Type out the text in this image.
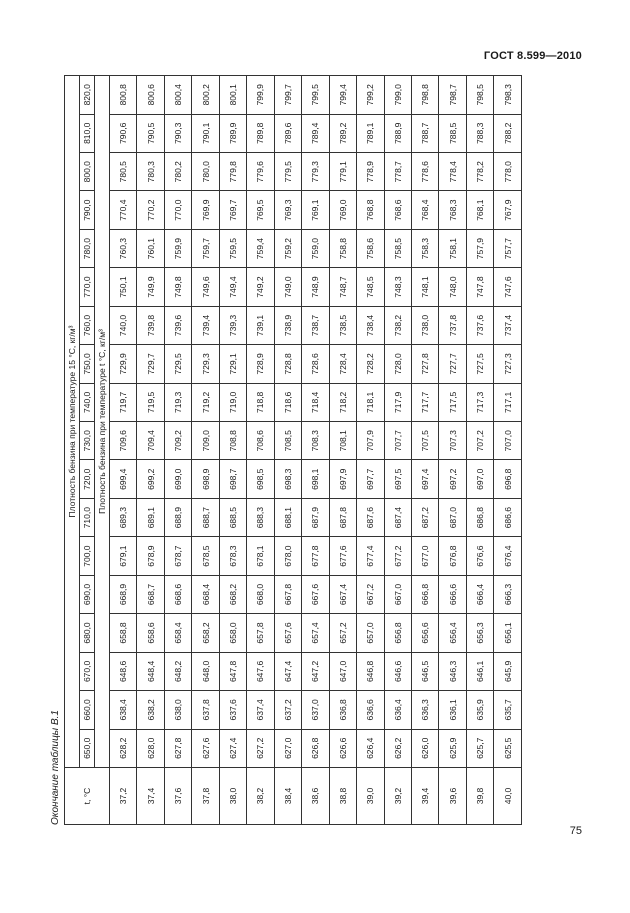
ГОСТ 8.599—2010
Окончание таблицы В.1 t, °C	Плотность бензина при температуре 15 °С, кг/м³																	
	650,0	660,0	670,0	680,0	690,0	700,0	710,0	720,0	730,0	740,0	750,0	760,0	770,0	780,0	790,0	800,0	810,0	820,0
	Плотность бензина при температуре t °С, кг/м³																	
37,2	628,2	638,4	648,6	658,8	668,9	679,1	689,3	699,4	709,6	719,7	729,9	740,0	750,1	760,3	770,4	780,5	790,6	800,8
37,4	628,0	638,2	648,4	658,6	668,7	678,9	689,1	699,2	709,4	719,5	729,7	739,8	749,9	760,1	770,2	780,3	790,5	800,6
37,6	627,8	638,0	648,2	658,4	668,6	678,7	688,9	699,0	709,2	719,3	729,5	739,6	749,8	759,9	770,0	780,2	790,3	800,4
37,8	627,6	637,8	648,0	658,2	668,4	678,5	688,7	698,9	709,0	719,2	729,3	739,4	749,6	759,7	769,9	780,0	790,1	800,2
38,0	627,4	637,6	647,8	658,0	668,2	678,3	688,5	698,7	708,8	719,0	729,1	739,3	749,4	759,5	769,7	779,8	789,9	800,1
38,2	627,2	637,4	647,6	657,8	668,0	678,1	688,3	698,5	708,6	718,8	728,9	739,1	749,2	759,4	769,5	779,6	789,8	799,9
38,4	627,0	637,2	647,4	657,6	667,8	678,0	688,1	698,3	708,5	718,6	728,8	738,9	749,0	759,2	769,3	779,5	789,6	799,7
38,6	626,8	637,0	647,2	657,4	667,6	677,8	687,9	698,1	708,3	718,4	728,6	738,7	748,9	759,0	769,1	779,3	789,4	799,5
38,8	626,6	636,8	647,0	657,2	667,4	677,6	687,8	697,9	708,1	718,2	728,4	738,5	748,7	758,8	769,0	779,1	789,2	799,4
39,0	626,4	636,6	646,8	657,0	667,2	677,4	687,6	697,7	707,9	718,1	728,2	738,4	748,5	758,6	768,8	778,9	789,1	799,2
39,2	626,2	636,4	646,6	656,8	667,0	677,2	687,4	697,5	707,7	717,9	728,0	738,2	748,3	758,5	768,6	778,7	788,9	799,0
39,4	626,0	636,3	646,5	656,6	666,8	677,0	687,2	697,4	707,5	717,7	727,8	738,0	748,1	758,3	768,4	778,6	788,7	798,8
39,6	625,9	636,1	646,3	656,4	666,6	676,8	687,0	697,2	707,3	717,5	727,7	737,8	748,0	758,1	768,3	778,4	788,5	798,7
39,8	625,7	635,9	646,1	656,3	666,4	676,6	686,8	697,0	707,2	717,3	727,5	737,6	747,8	757,9	768,1	778,2	788,3	798,5
40,0	625,5	635,7	645,9	656,1	666,3	676,4	686,6	696,8	707,0	717,1	727,3	737,4	747,6	757,7	767,9	778,0	788,2	798,3
75
